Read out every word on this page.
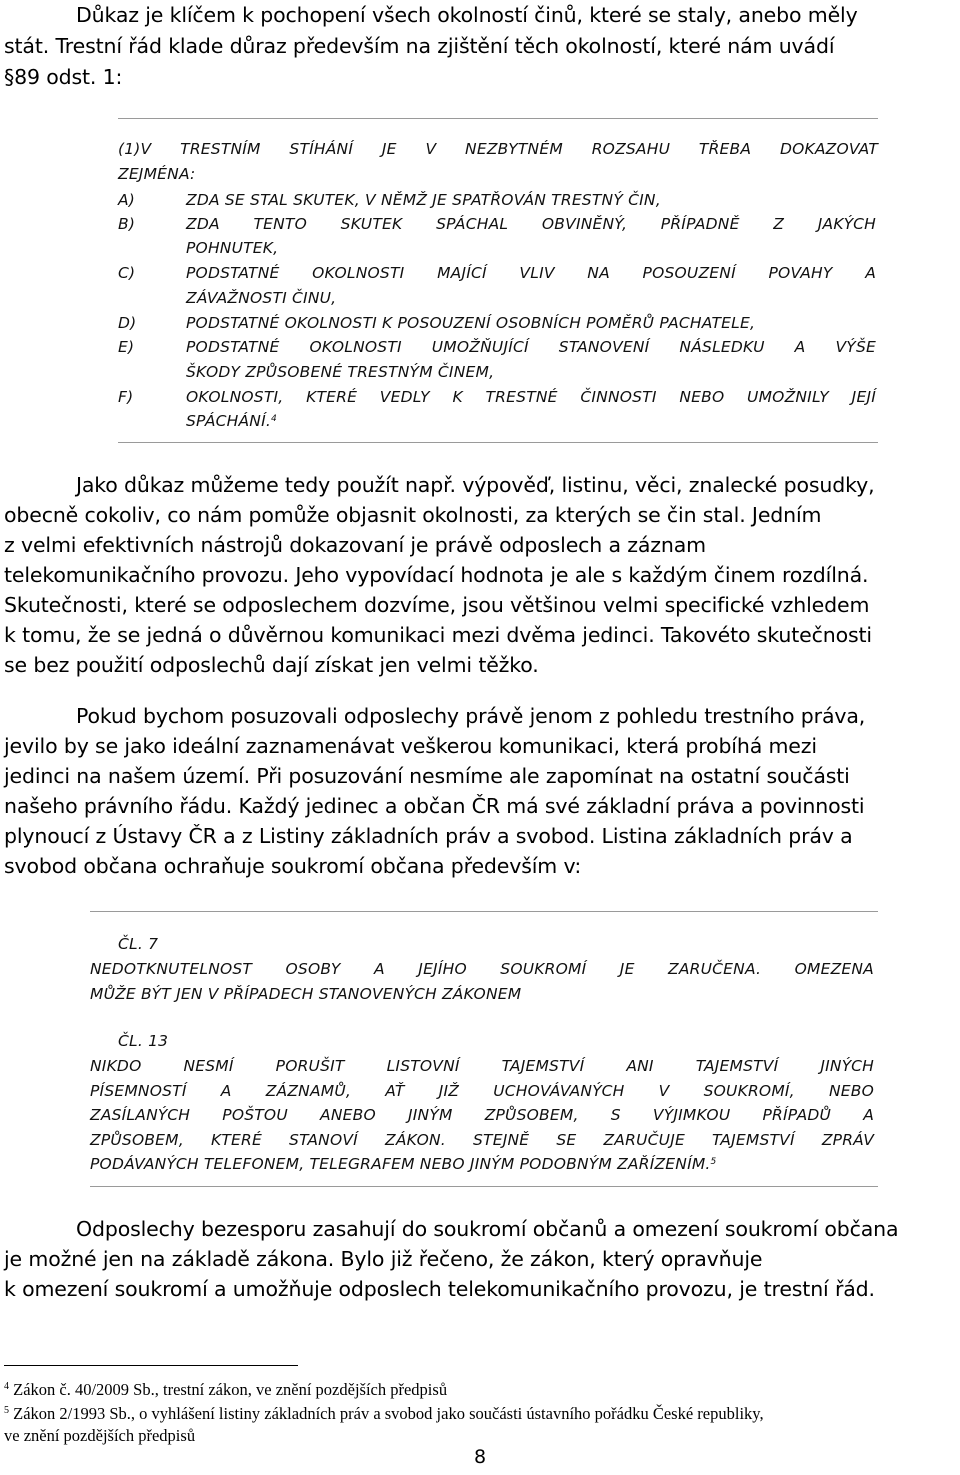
Důkaz je klíčem k pochopení všech okolností činů, které se staly, anebo měly
stát. Trestní řád klade důraz především na zjištění těch okolností, které nám uvádí
§89 odst. 1:
(1)V TRESTNÍM STÍHÁNÍ JE V NEZBYTNÉM ROZSAHU TŘEBA DOKAZOVAT
ZEJMÉNA:
A)	ZDA SE STAL SKUTEK, V NĚMŽ JE SPATŘOVÁN TRESTNÝ ČIN,
B)	ZDA TENTO SKUTEK SPÁCHAL OBVINĚNÝ, PŘÍPADNĚ Z JAKÝCH
POHNUTEK,
C)	PODSTATNÉ OKOLNOSTI MAJÍCÍ VLIV NA POSOUZENÍ POVAHY A
ZÁVAŽNOSTI ČINU,
D)	PODSTATNÉ OKOLNOSTI K POSOUZENÍ OSOBNÍCH POMĚRŮ PACHATELE,
E)	PODSTATNÉ OKOLNOSTI UMOŽŇUJÍCÍ STANOVENÍ NÁSLEDKU A VÝŠE
ŠKODY ZPŮSOBENÉ TRESTNÝM ČINEM,
F)	OKOLNOSTI, KTERÉ VEDLY K TRESTNÉ ČINNOSTI NEBO UMOŽNILY JEJÍ
SPÁCHÁNÍ.$^4$
Jako důkaz můžeme tedy použít např. výpověď, listinu, věci, znalecké posudky,
obecně cokoliv, co nám pomůže objasnit okolnosti, za kterých se čin stal. Jedním
z velmi efektivních nástrojů dokazovaní je právě odposlech a záznam
telekomunikačního provozu. Jeho vypovídací hodnota je ale s každým činem rozdílná.
Skutečnosti, které se odposlechem dozvíme, jsou většinou velmi specifické vzhledem
k tomu, že se jedná o důvěrnou komunikaci mezi dvěma jedinci. Takovéto skutečnosti
se bez použití odposlechů dají získat jen velmi těžko.
Pokud bychom posuzovali odposlechy právě jenom z pohledu trestního práva,
jevilo by se jako ideální zaznamenávat veškerou komunikaci, která probíhá mezi
jedinci na našem území. Při posuzování nesmíme ale zapomínat na ostatní součásti
našeho právního řádu. Každý jedinec a občan ČR má své základní práva a povinnosti
plynoucí z Ústavy ČR a z Listiny základních práv a svobod. Listina základních práv a
svobod občana ochraňuje soukromí občana především v:
ČL. 7
NEDOTKNUTELNOST OSOBY A JEJÍHO SOUKROMÍ JE ZARUČENA. OMEZENA
MŮŽE BÝT JEN V PŘÍPADECH STANOVENÝCH ZÁKONEM
ČL. 13
NIKDO NESMÍ PORUŠIT LISTOVNÍ TAJEMSTVÍ ANI TAJEMSTVÍ JINÝCH
PÍSEMNOSTÍ A ZÁZNAMŮ, AŤ JIŽ UCHOVÁVANÝCH V SOUKROMÍ, NEBO
ZASÍLANÝCH POŠTOU ANEBO JINÝM ZPŮSOBEM, S VÝJIMKOU PŘÍPADŮ A
ZPŮSOBEM, KTERÉ STANOVÍ ZÁKON. STEJNĚ SE ZARUČUJE TAJEMSTVÍ ZPRÁV
PODÁVANÝCH TELEFONEM, TELEGRAFEM NEBO JINÝM PODOBNÝM ZAŘÍZENÍM.$^5$
Odposlechy bezesporu zasahují do soukromí občanů a omezení soukromí občana
je možné jen na základě zákona. Bylo již řečeno, že zákon, který opravňuje
k omezení soukromí a umožňuje odposlech telekomunikačního provozu, je trestní řád.
$^4$ Zákon č. 40/2009 Sb., trestní zákon, ve znění pozdějších předpisů
$^5$ Zákon 2/1993 Sb., o vyhlášení listiny základních práv a svobod jako součásti ústavního pořádku České republiky,
ve znění pozdějších předpisů
8
